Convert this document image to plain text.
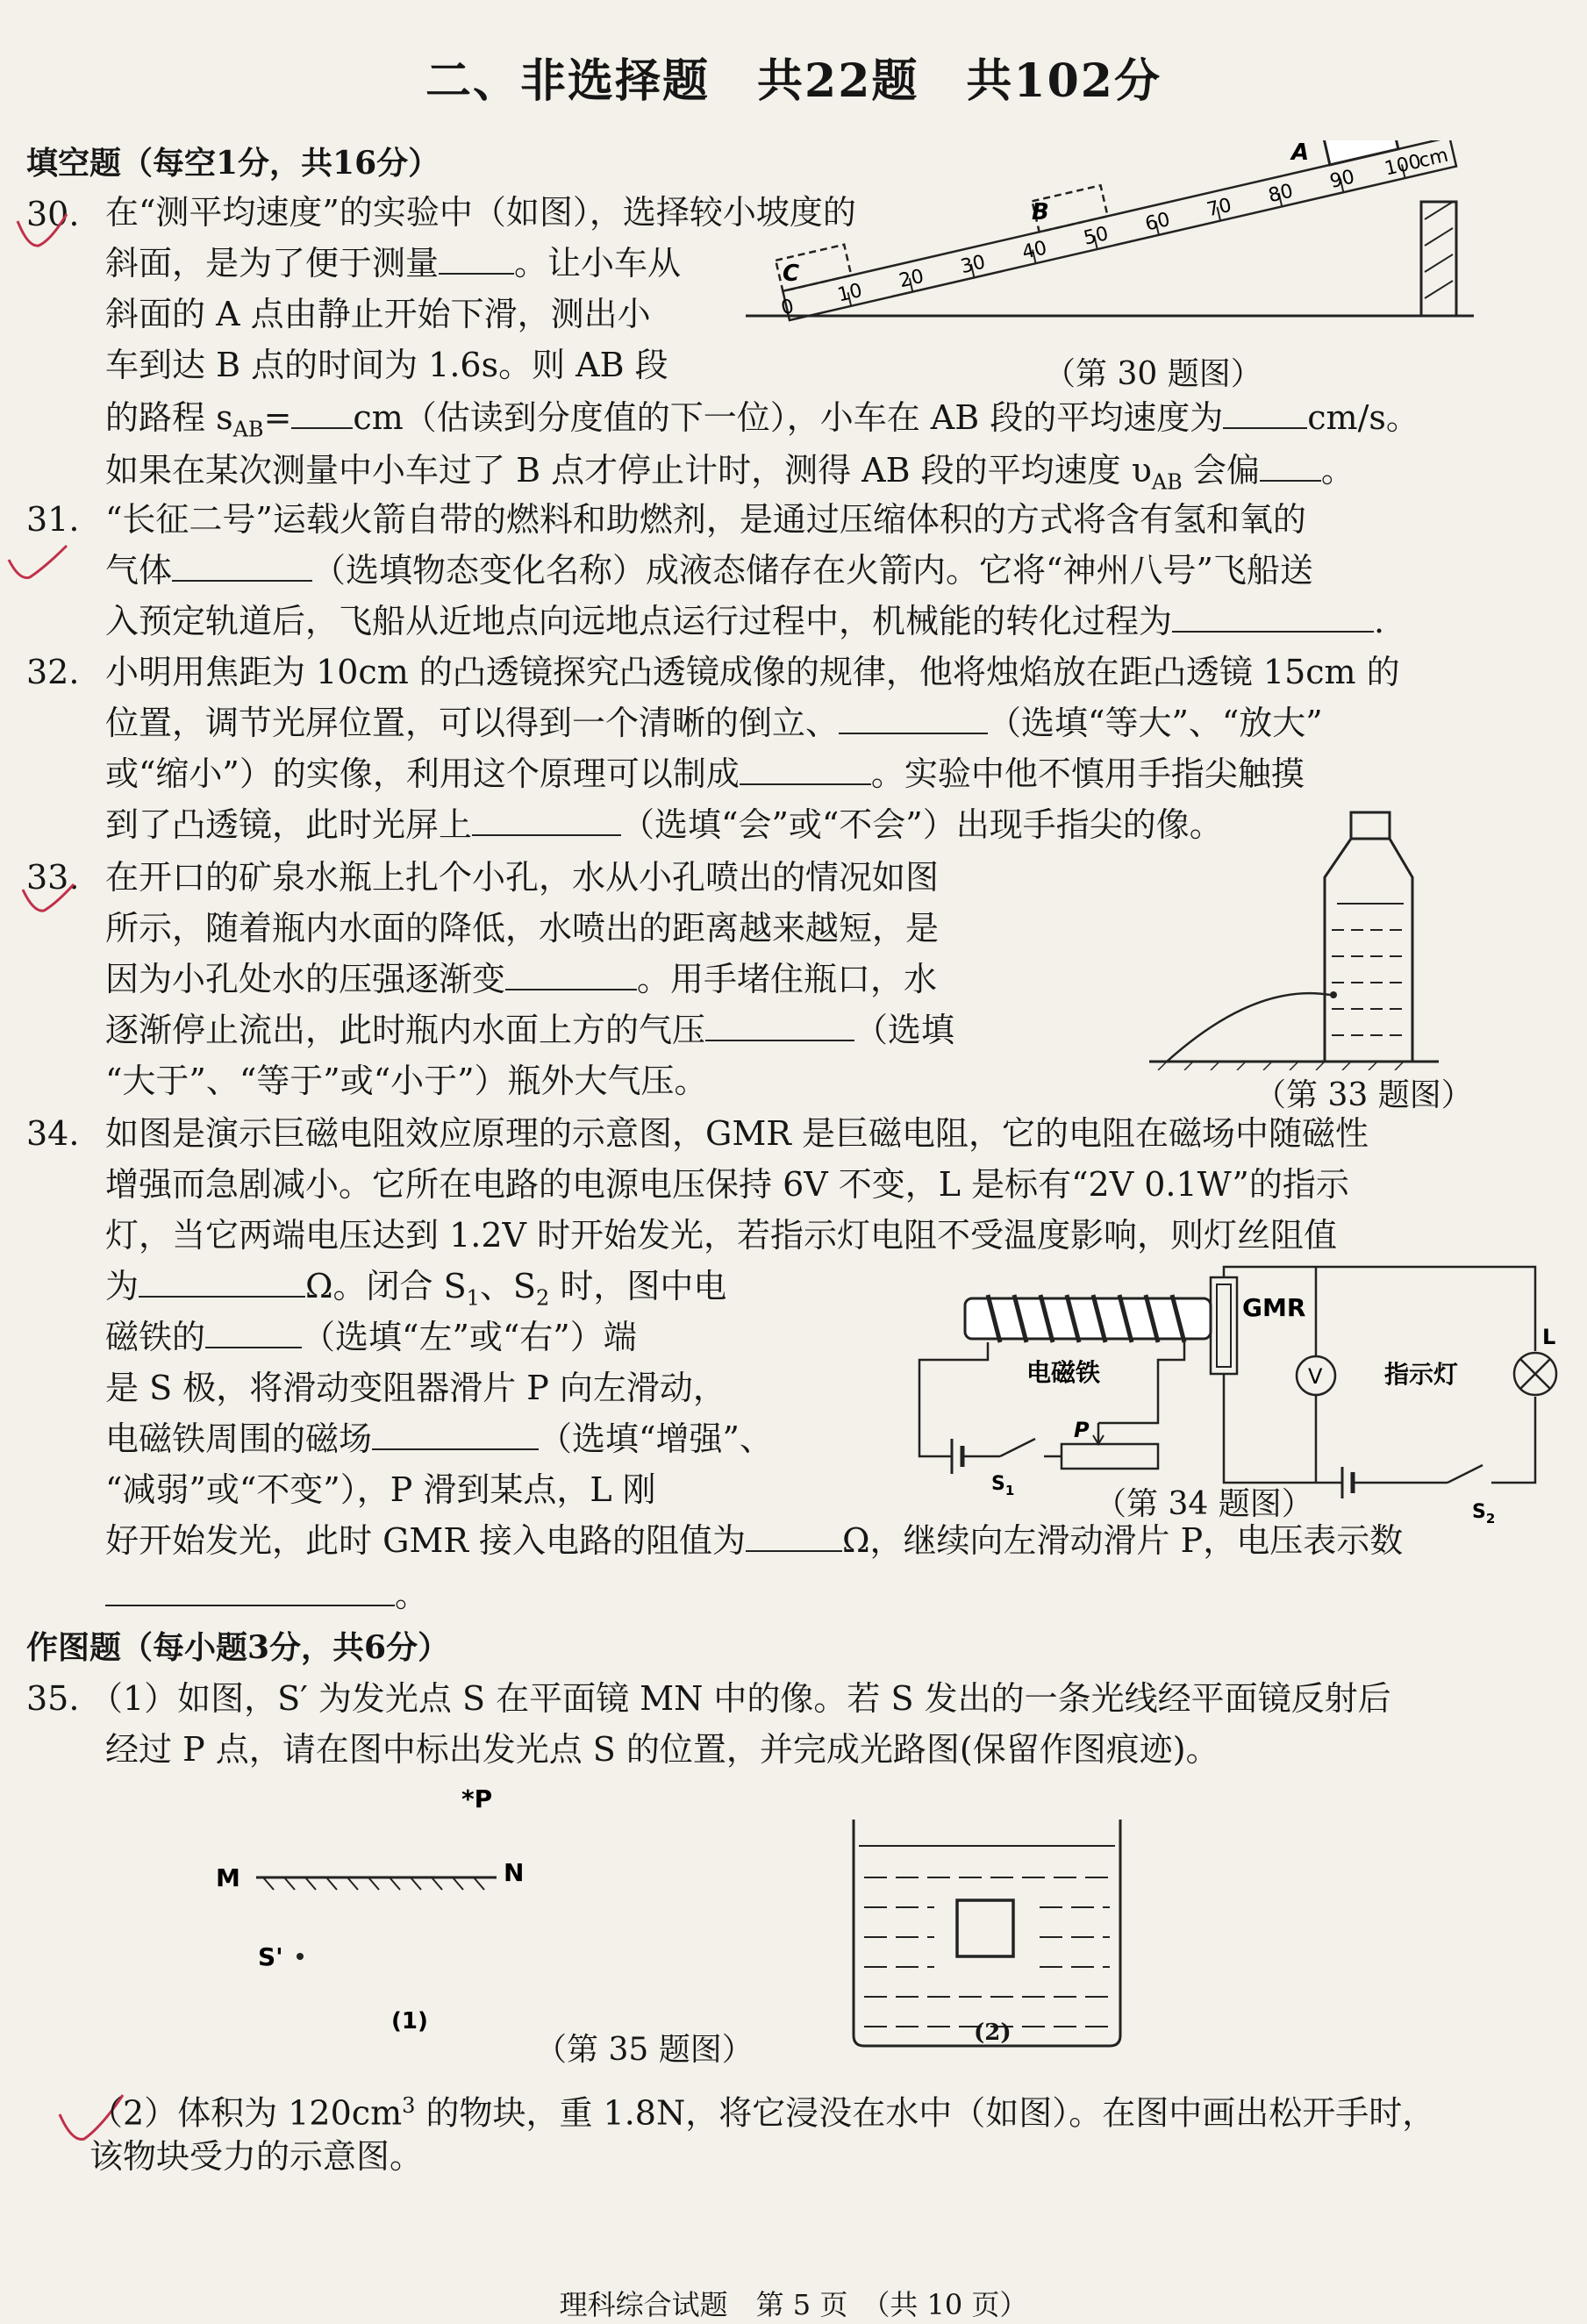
二、非选择题　共22题　共102分
填空题（每空1分，共16分）
30. 在“测平均速度”的实验中（如图），选择较小坡度的
斜面，是为了便于测量 。让小车从
斜面的 A 点由静止开始下滑，测出小
车到达 B 点的时间为 1.6s。则 AB 段
的路程 $s_{AB}= cm$（估读到分度值的下一位），小车在 AB 段的平均速度为	cm/s。
如果在某次测量中小车过了 B 点才停止计时，测得 AB 段的平均速度 $\upsilon_{AB}$ 会偏 。
0
10
20
30
40
50
60
70
80
90 100
cm
C
B
A
（第 30 题图）
31. “长征二号”运载火箭自带的燃料和助燃剂，是通过压缩体积的方式将含有氢和氧的
气体	（选填物态变化名称）成液态储存在火箭内。它将“神州八号”飞船送
入预定轨道后，飞船从近地点向远地点运行过程中，机械能的转化过程为	.
32. 小明用焦距为 10cm 的凸透镜探究凸透镜成像的规律，他将烛焰放在距凸透镜 15cm 的
位置，调节光屏位置，可以得到一个清晰的倒立、	（选填“等大”、“放大”
或“缩小”）的实像，利用这个原理可以制成	。实验中他不慎用手指尖触摸
到了凸透镜，此时光屏上	（选填“会”或“不会”）出现手指尖的像。
33. 在开口的矿泉水瓶上扎个小孔，水从小孔喷出的情况如图
所示，随着瓶内水面的降低，水喷出的距离越来越短，是
因为小孔处水的压强逐渐变	。用手堵住瓶口，水
逐渐停止流出，此时瓶内水面上方的气压	（选填
“大于”、“等于”或“小于”）瓶外大气压。	（第 33 题图）
34. 如图是演示巨磁电阻效应原理的示意图，GMR 是巨磁电阻，它的电阻在磁场中随磁性
增强而急剧减小。它所在电路的电源电压保持 6V 不变，L 是标有“2V 0.1W”的指示
灯，当它两端电压达到 1.2V 时开始发光，若指示灯电阻不受温度影响，则灯丝阻值
为	Ω。闭合 $S_1$、$S_2$ 时，图中电
磁铁的	（选填“左”或“右”）端
是 S 极，将滑动变阻器滑片 P 向左滑动，
电磁铁周围的磁场	（选填“增强”、
“减弱”或“不变”），P 滑到某点，L 刚
好开始发光，此时 GMR 接入电路的阻值为	Ω，继续向左滑动滑片 P，电压表示数
。
电磁铁
$S_1$
P
GMR
$S_2$
L
指示灯
V
（第 34 题图）
作图题（每小题3分，共6分）
35. （1）如图，S′ 为发光点 S 在平面镜 MN 中的像。若 S 发出的一条光线经平面镜反射后
经过 P 点，请在图中标出发光点 S 的位置，并完成光路图(保留作图痕迹)。
*P
M	N
S'
(1)	(2)
（第 35 题图）
（2）体积为 $120cm^3$ 的物块，重 1.8N，将它浸没在水中（如图）。在图中画出松开手时，
该物块受力的示意图。
理科综合试题　第 5 页　（共 10 页）
